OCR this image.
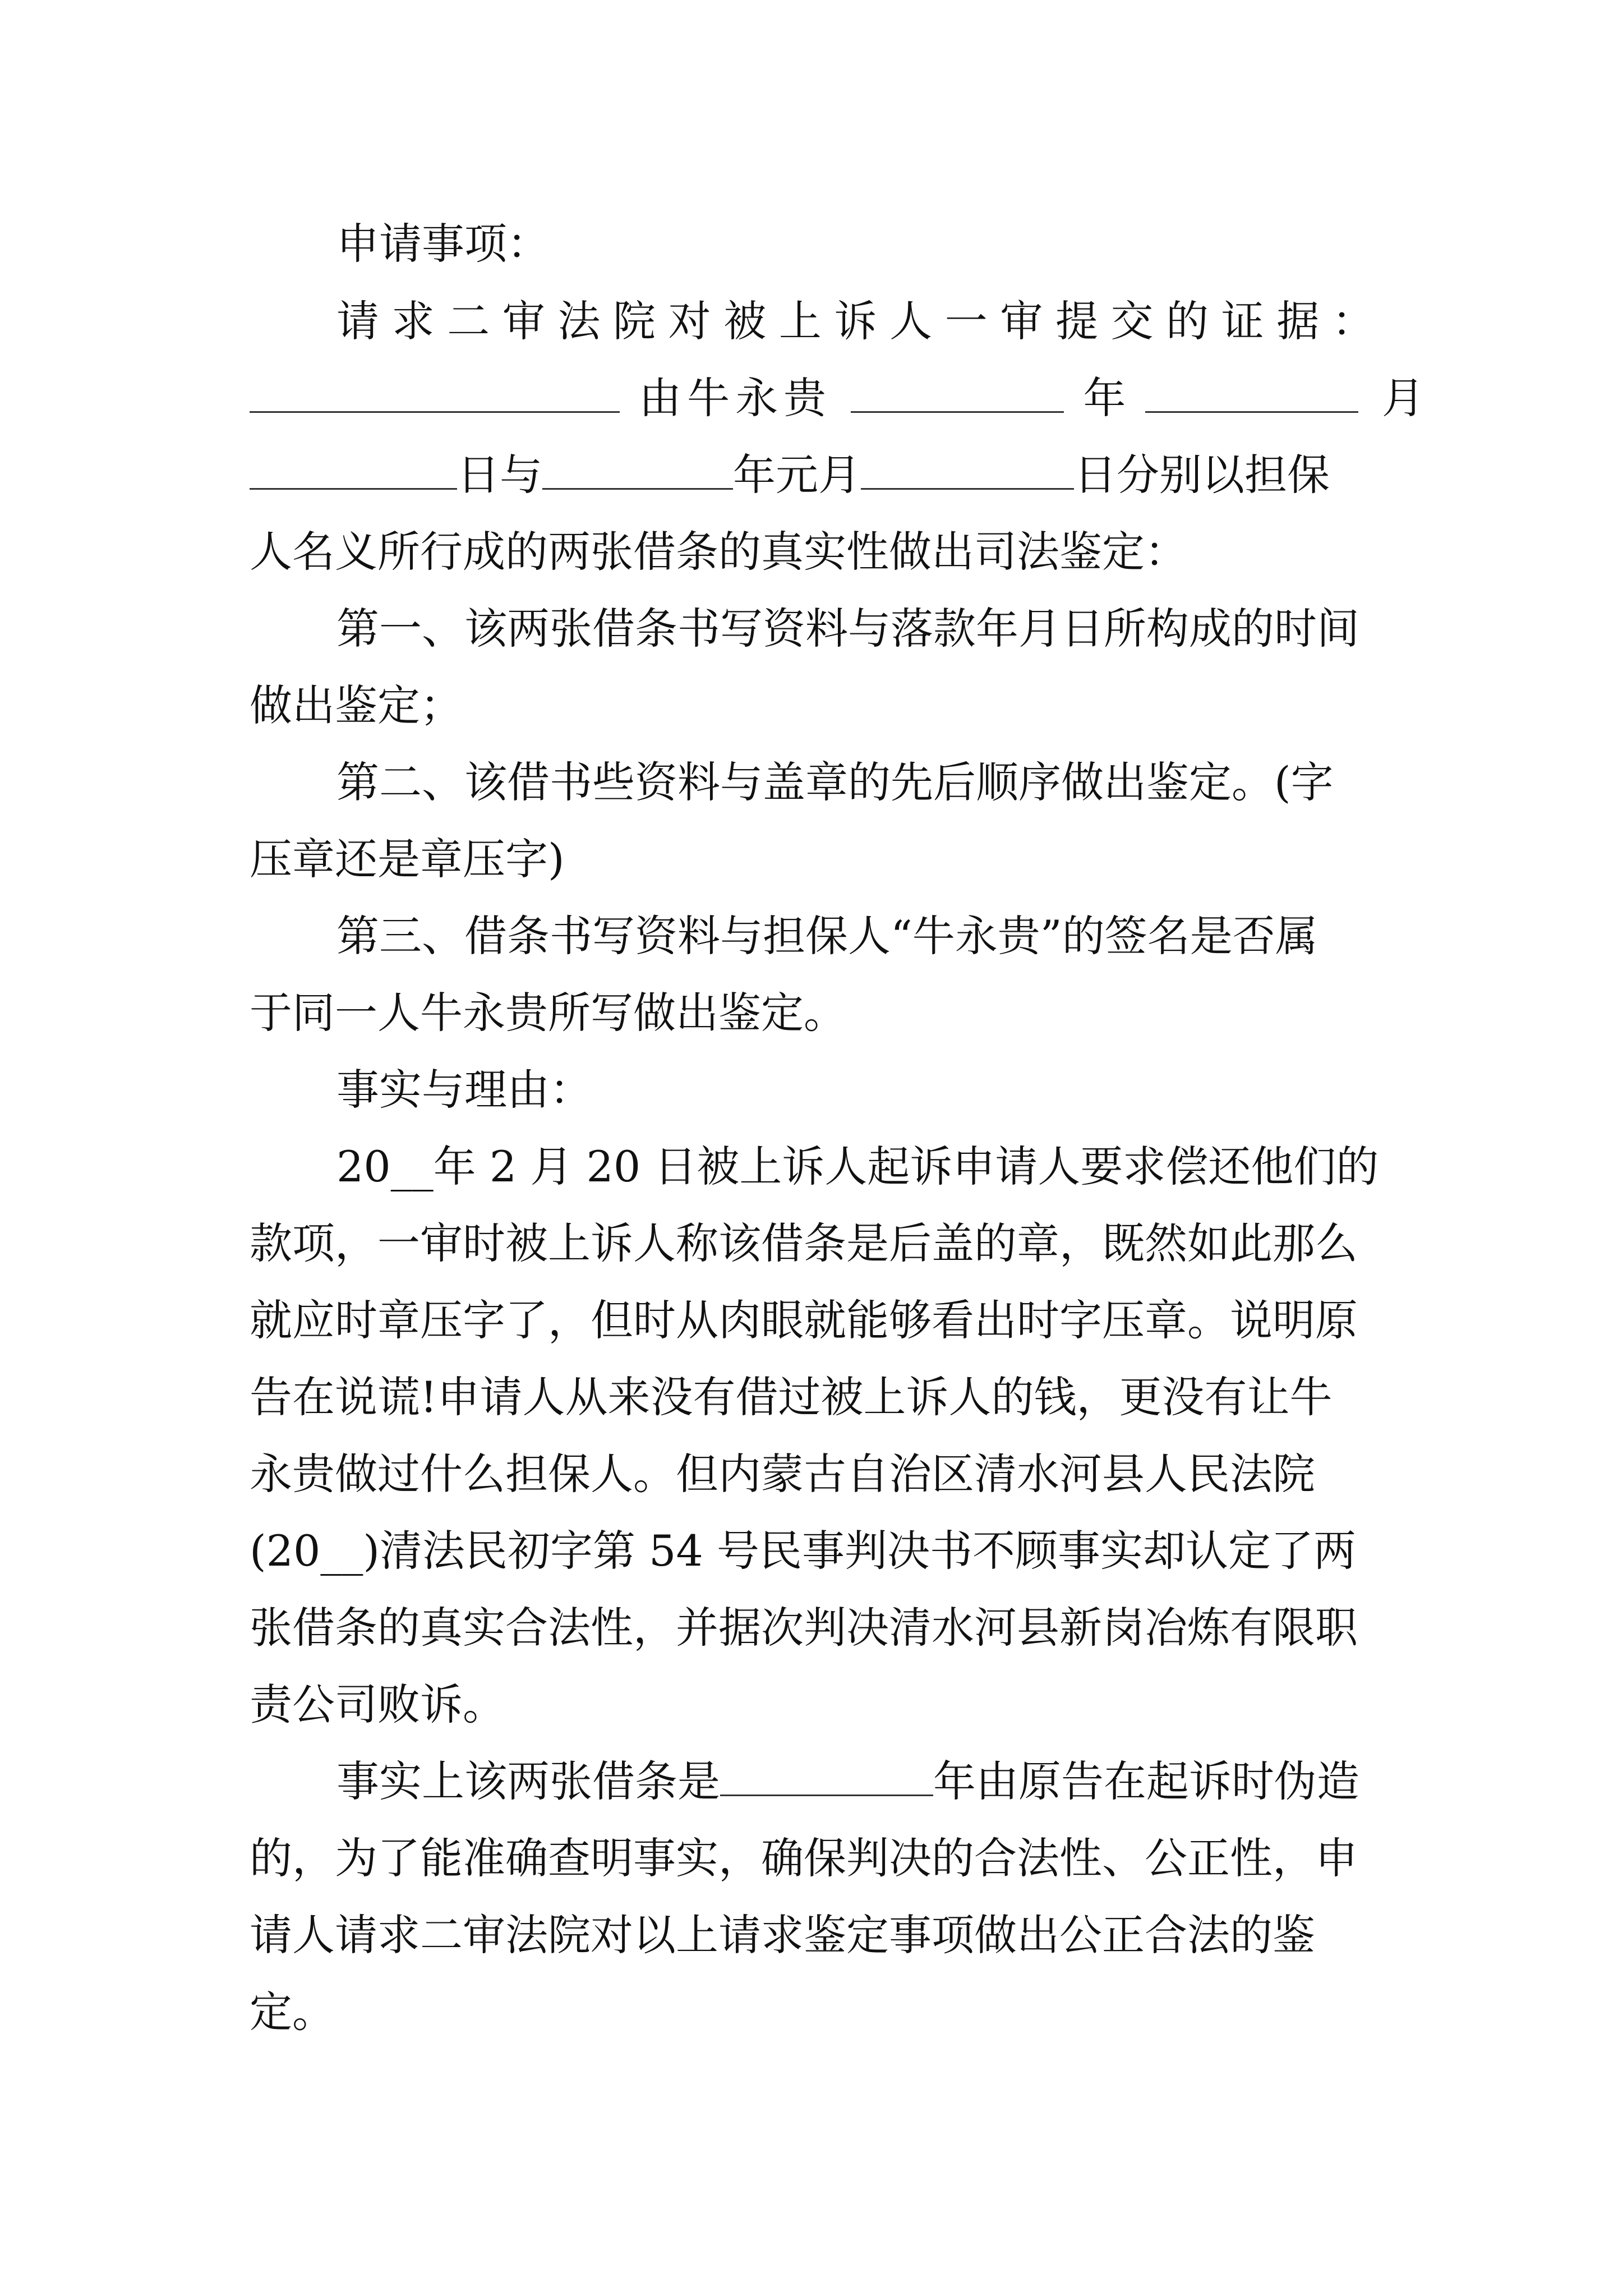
申请事项：
请求二审法院对被上诉人一审提交的证据：
由牛永贵	年	月
日与	年元月	日分别以担保
人名义所行成的两张借条的真实性做出司法鉴定：
第一、该两张借条书写资料与落款年月日所构成的时间
做出鉴定；
第二、该借书些资料与盖章的先后顺序做出鉴定。(字
压章还是章压字)
第三、借条书写资料与担保人“牛永贵”的签名是否属
于同一人牛永贵所写做出鉴定。
事实与理由：
20__年 2 月 20 日被上诉人起诉申请人要求偿还他们的
款项，一审时被上诉人称该借条是后盖的章，既然如此那么
就应时章压字了，但时从肉眼就能够看出时字压章。说明原
告在说谎!申请人从来没有借过被上诉人的钱，更没有让牛
永贵做过什么担保人。但内蒙古自治区清水河县人民法院
(20__)清法民初字第 54 号民事判决书不顾事实却认定了两
张借条的真实合法性，并据次判决清水河县新岗冶炼有限职
责公司败诉。
事实上该两张借条是	年由原告在起诉时伪造
的，为了能准确查明事实，确保判决的合法性、公正性，申
请人请求二审法院对以上请求鉴定事项做出公正合法的鉴
定。
